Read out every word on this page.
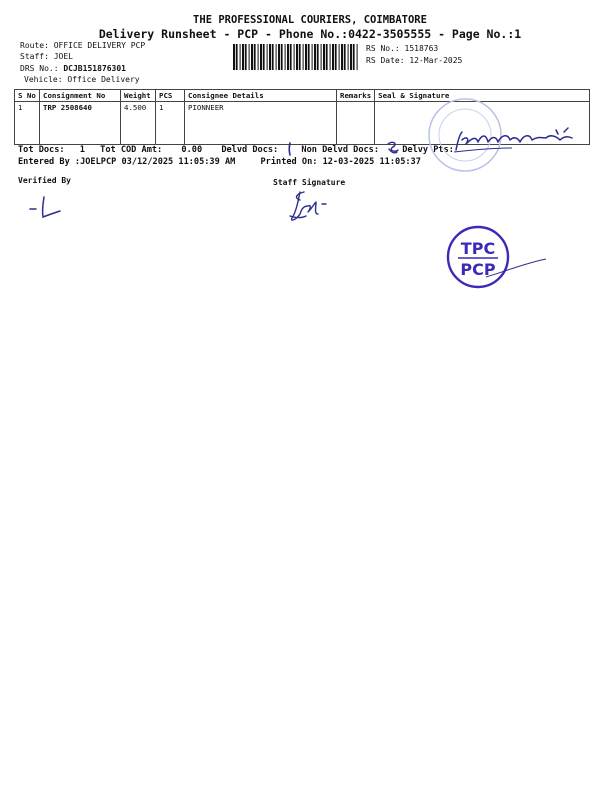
THE PROFESSIONAL COURIERS, COIMBATORE
Delivery Runsheet - PCP - Phone No.:0422-3505555 - Page No.:1
Route: OFFICE DELIVERY PCP
Staff: JOEL
DRS No.: DCJB151876301
Vehicle: Office Delivery
RS No.: 1518763
RS Date: 12-Mar-2025
S No	Consignment No	Weight	PCS	Consignee Details	Remarks	Seal & Signature
1	TRP 2508640	4.500	1	PIONNEER		
Tot Docs: 1 Tot COD Amt: 0.00 Delvd Docs:	Non Delvd Docs:	Delvy Pts:
Entered By :JOELPCP 03/12/2025 11:05:39 AM	Printed On: 12-03-2025 11:05:37
Verified By	Staff Signature
TPC
PCP
